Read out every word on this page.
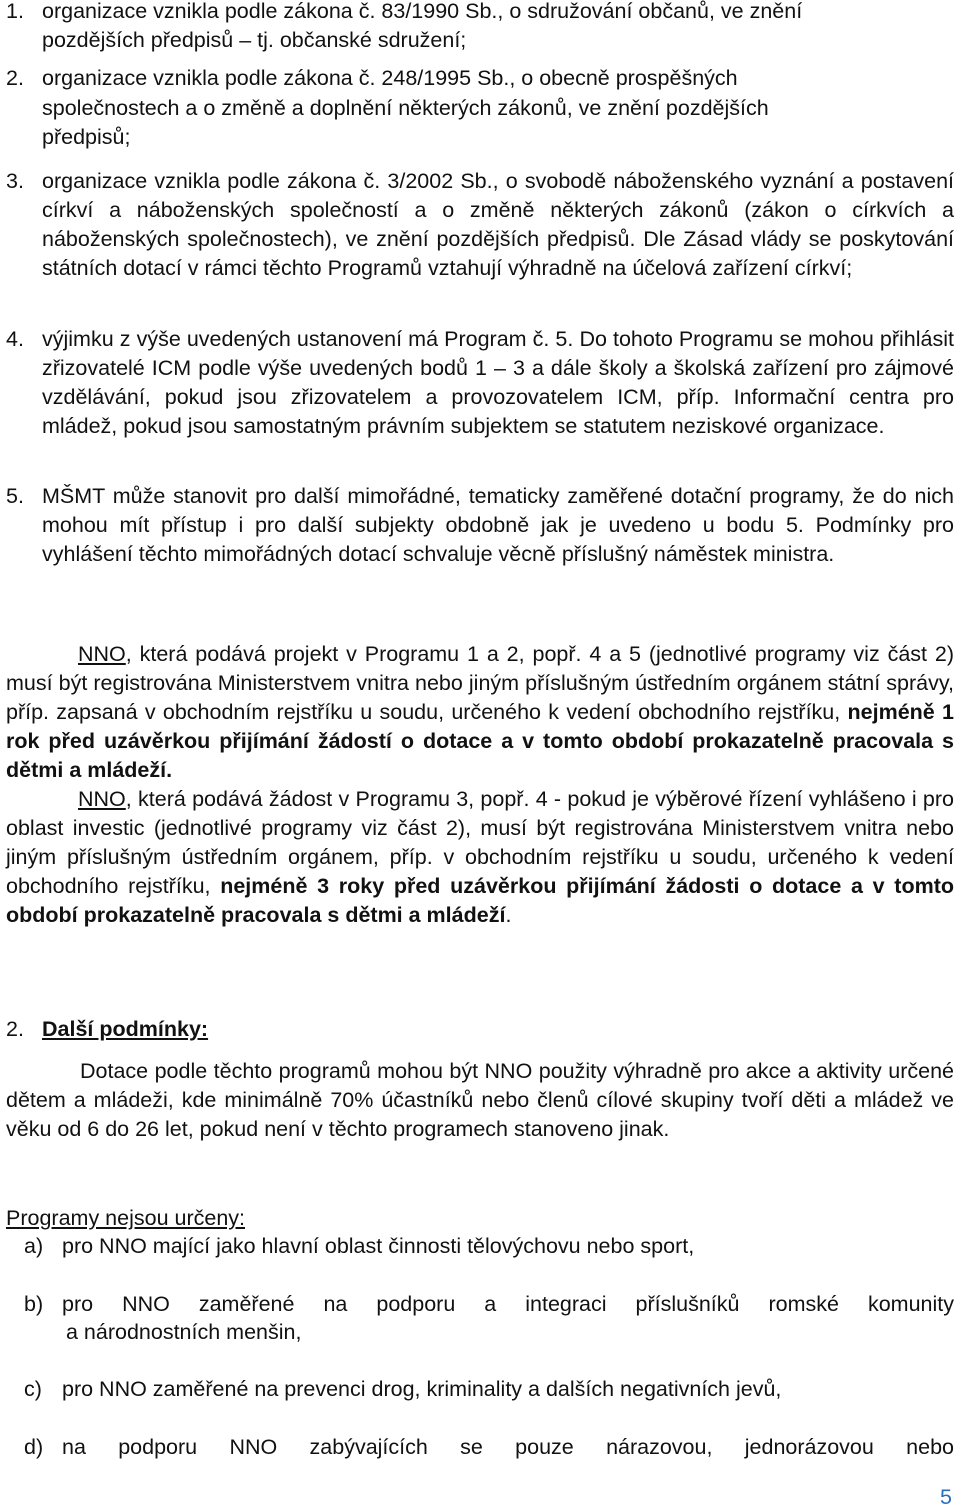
1. organizace vznikla podle zákona č. 83/1990 Sb., o sdružování občanů, ve znění
pozdějších předpisů – tj. občanské sdružení;
2. organizace vznikla podle zákona č. 248/1995 Sb., o obecně prospěšných
společnostech a o změně a doplnění některých zákonů, ve znění pozdějších
předpisů;
3. organizace vznikla podle zákona č. 3/2002 Sb., o svobodě náboženského vyznání a postavení církví a náboženských společností a o změně některých zákonů (zákon o církvích a náboženských společnostech), ve znění pozdějších předpisů. Dle Zásad vlády se poskytování státních dotací v rámci těchto Programů vztahují výhradně na účelová zařízení církví;
4. výjimku z výše uvedených ustanovení má Program č. 5. Do tohoto Programu se mohou přihlásit zřizovatelé ICM podle výše uvedených bodů 1 – 3 a dále školy a školská zařízení pro zájmové vzdělávání, pokud jsou zřizovatelem a provozovatelem ICM, příp. Informační centra pro mládež, pokud jsou samostatným právním subjektem se statutem neziskové organizace.
5. MŠMT může stanovit pro další mimořádné, tematicky zaměřené dotační programy, že do nich mohou mít přístup i pro další subjekty obdobně jak je uvedeno u bodu 5. Podmínky pro vyhlášení těchto mimořádných dotací schvaluje věcně příslušný náměstek ministra.

NNO, která podává projekt v Programu 1 a 2, popř. 4 a 5 (jednotlivé programy viz část 2) musí být registrována Ministerstvem vnitra nebo jiným příslušným ústředním orgánem státní správy, příp. zapsaná v obchodním rejstříku u soudu, určeného k vedení obchodního rejstříku, nejméně 1 rok před uzávěrkou přijímání žádostí o dotace a v tomto období prokazatelně pracovala s dětmi a mládeží.

NNO, která podává žádost v Programu 3, popř. 4 - pokud je výběrové řízení vyhlášeno i pro oblast investic (jednotlivé programy viz část 2), musí být registrována Ministerstvem vnitra nebo jiným příslušným ústředním orgánem, příp. v obchodním rejstříku u soudu, určeného k vedení obchodního rejstříku, nejméně 3 roky před uzávěrkou přijímání žádosti o dotace a v tomto období prokazatelně pracovala s dětmi a mládeží.

2. Další podmínky:

Dotace podle těchto programů mohou být NNO použity výhradně pro akce a aktivity určené dětem a mládeži, kde minimálně 70% účastníků nebo členů cílové skupiny tvoří děti a mládež ve věku od 6 do 26 let, pokud není v těchto programech stanoveno jinak.

Programy nejsou určeny:
a) pro NNO mající jako hlavní oblast činnosti tělovýchovu nebo sport,
b) pro NNO zaměřené na podporu a integraci příslušníků romské komunity
a národnostních menšin,
c) pro NNO zaměřené na prevenci drog, kriminality a dalších negativních jevů,
d) na podporu NNO zabývajících se pouze nárazovou, jednorázovou nebo
5
